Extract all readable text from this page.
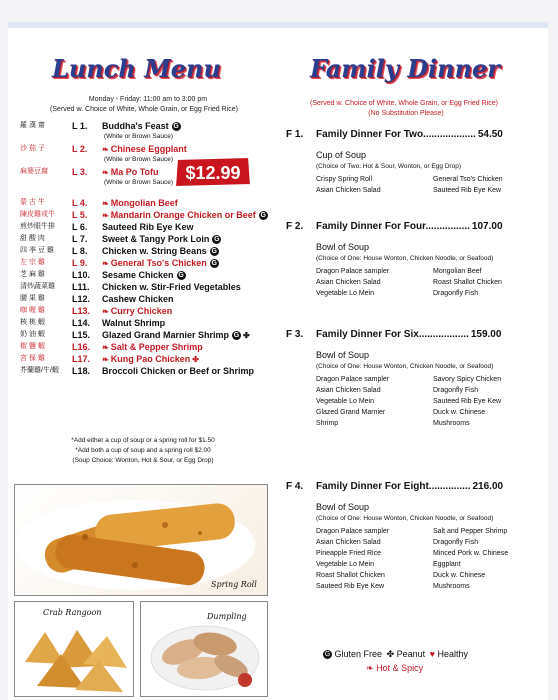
Lunch Menu
Monday - Friday: 11:00 am to 3:00 pm
(Served w. Choice of White, Whole Grain, or Egg Fried Rice)
羅 漢 齋	L 1.	Buddha's Feast G
(White or Brown Sauce)
沙 茄 子	L 2.	❧ Chinese Eggplant
(White or Brown Sauce)
麻婆豆腐	L 3.	❧ Ma Po Tofu
(White or Brown Sauce)
蒙 古 牛	L 4.	❧ Mongolian Beef
陳皮雞或牛	L 5.	❧ Mandarin Orange Chicken or Beef G
煎炒眼牛排	L 6.	Sauteed Rib Eye Kew
甜 酸 肉	L 7.	Sweet & Tangy Pork Loin G
四 季 豆 雞	L 8.	Chicken w. String Beans G
左 宗 雞	L 9.	❧ General Tso's Chicken G
芝 麻 雞	L10.	Sesame Chicken G
清炒蔬菜雞	L11.	Chicken w. Stir-Fried Vegetables
腰 果 雞	L12.	Cashew Chicken
咖 喱 雞	L13.	❧ Curry Chicken
核 桃 蝦	L14.	Walnut Shrimp
奶 油 蝦	L15.	Glazed Grand Marnier Shrimp G ✤
椒 鹽 蝦	L16.	❧ Salt & Pepper Shrimp
宮 保 雞	L17.	❧ Kung Pao Chicken ✤
芥蘭雞/牛/蝦	L18.	Broccoli Chicken or Beef or Shrimp
$12.99
*Add either a cup of soup or a spring roll for $1.50
*Add both a cup of soup and a spring roll $2.00
(Soup Choice: Wonton, Hot & Sour, or Egg Drop)
Spring Roll
Crab Rangoon	Dumpling
Family Dinner
(Served w. Choice of White, Whole Grain, or Egg Fried Rice)
(No Substitution Please)
F 1. Family Dinner For Two................... 54.50
Cup of Soup
(Choice of Two: Hot & Sour, Wonton, or Egg Drop)
Crispy Spring Roll	General Tso's Chicken
Asian Chicken Salad	Sauteed Rib Eye Kew
F 2. Family Dinner For Four................ 107.00
Bowl of Soup
(Choice of One: House Wonton, Chicken Noodle, or Seafood)
Dragon Palace sampler	Mongolian Beef
Asian Chicken Salad	Roast Shallot Chicken
Vegetable Lo Mein	Dragonfly Fish
F 3. Family Dinner For Six.................. 159.00
Bowl of Soup
(Choice of One: House Wonton, Chicken Noodle, or Seafood)
Dragon Palace sampler	Savory Spicy Chicken
Asian Chicken Salad	Dragonfly Fish
Vegetable Lo Mein	Sauteed Rib Eye Kew
Glazed Grand Marnier	Duck w. Chinese
Shrimp	Mushrooms
F 4. Family Dinner For Eight............... 216.00
Bowl of Soup
(Choice of One: House Wonton, Chicken Noodle, or Seafood)
Dragon Palace sampler	Salt and Pepper Shrimp
Asian Chicken Salad	Dragonfly Fish
Pineapple Fried Rice	Minced Pork w. Chinese
Vegetable Lo Mein	Eggplant
Roast Shallot Chicken	Duck w. Chinese
Sauteed Rib Eye Kew	Mushrooms
G Gluten Free ✤ Peanut ♥ Healthy
❧ Hot & Spicy
